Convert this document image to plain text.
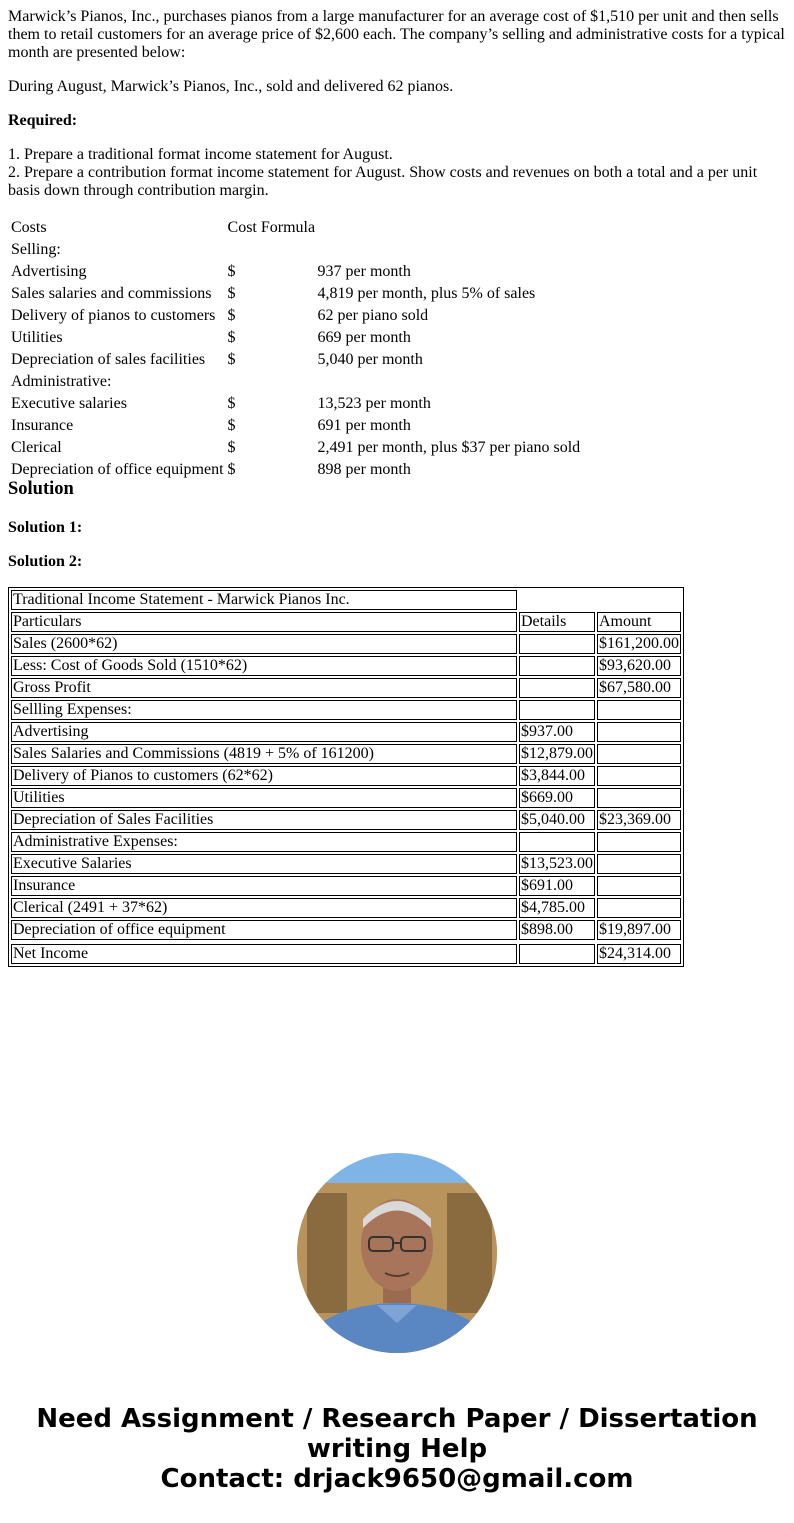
Marwick’s Pianos, Inc., purchases pianos from a large manufacturer for an average cost of $1,510 per unit and then sells them to retail customers for an average price of $2,600 each. The company’s selling and administrative costs for a typical month are presented below:

During August, Marwick’s Pianos, Inc., sold and delivered 62 pianos.

Required:

1. Prepare a traditional format income statement for August.
2. Prepare a contribution format income statement for August. Show costs and revenues on both a total and a per unit basis down through contribution margin.
Costs	Cost Formula	
Selling:		
Advertising	$	937 per month
Sales salaries and commissions	$	4,819 per month, plus 5% of sales
Delivery of pianos to customers	$	62 per piano sold
Utilities	$	669 per month
Depreciation of sales facilities	$	5,040 per month
Administrative:		
Executive salaries	$	13,523 per month
Insurance	$	691 per month
Clerical	$	2,491 per month, plus $37 per piano sold
Depreciation of office equipment	$	898 per month
Solution
Solution 1:
Solution 2:
Traditional Income Statement - Marwick Pianos Inc.		
Particulars	Details	Amount
Sales (2600*62)		$161,200.00
Less: Cost of Goods Sold (1510*62)		$93,620.00
Gross Profit		$67,580.00
Sellling Expenses:		
Advertising	$937.00	
Sales Salaries and Commissions (4819 + 5% of 161200)	$12,879.00	
Delivery of Pianos to customers (62*62)	$3,844.00	
Utilities	$669.00	
Depreciation of Sales Facilities	$5,040.00	$23,369.00
Administrative Expenses:		
Executive Salaries	$13,523.00	
Insurance	$691.00	
Clerical (2491 + 37*62)	$4,785.00	
Depreciation of office equipment	$898.00	$19,897.00

Net Income		$24,314.00
Need Assignment / Research Paper / Dissertation
writing Help
Contact: drjack9650@gmail.com
